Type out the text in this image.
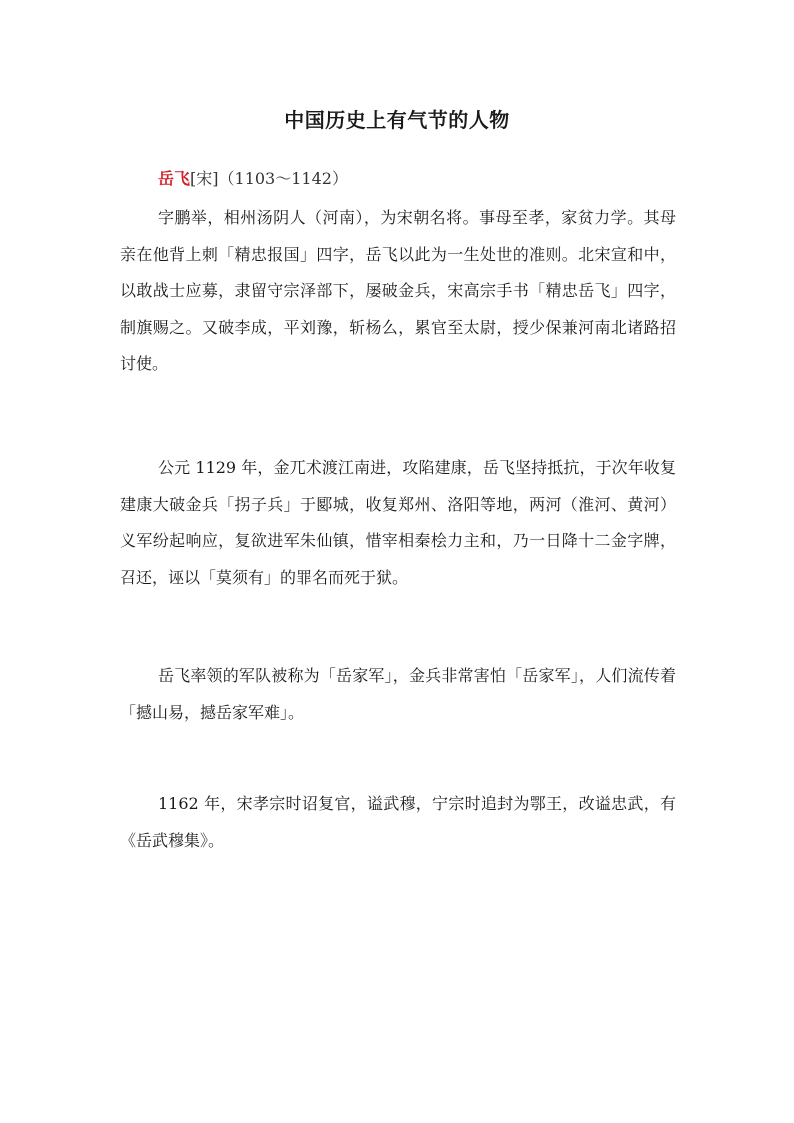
中国历史上有气节的人物
岳飞[宋]（1103～1142）

字鹏举，相州汤阴人（河南），为宋朝名将。事母至孝，家贫力学。其母亲在他背上刺「精忠报国」四字，岳飞以此为一生处世的准则。北宋宣和中，以敢战士应募，隶留守宗泽部下，屡破金兵，宋高宗手书「精忠岳飞」四字，制旗赐之。又破李成，平刘豫，斩杨么，累官至太尉，授少保兼河南北诸路招讨使。

公元 1129 年，金兀术渡江南进，攻陷建康，岳飞坚持抵抗，于次年收复建康大破金兵「拐子兵」于郾城，收复郑州、洛阳等地，两河（淮河、黄河）义军纷起响应，复欲进军朱仙镇，惜宰相秦桧力主和，乃一日降十二金字牌，召还，诬以「莫须有」的罪名而死于狱。

岳飞率领的军队被称为「岳家军」，金兵非常害怕「岳家军」，人们流传着「撼山易，撼岳家军难」。

1162 年，宋孝宗时诏复官，谥武穆，宁宗时追封为鄂王，改谥忠武，有《岳武穆集》。
